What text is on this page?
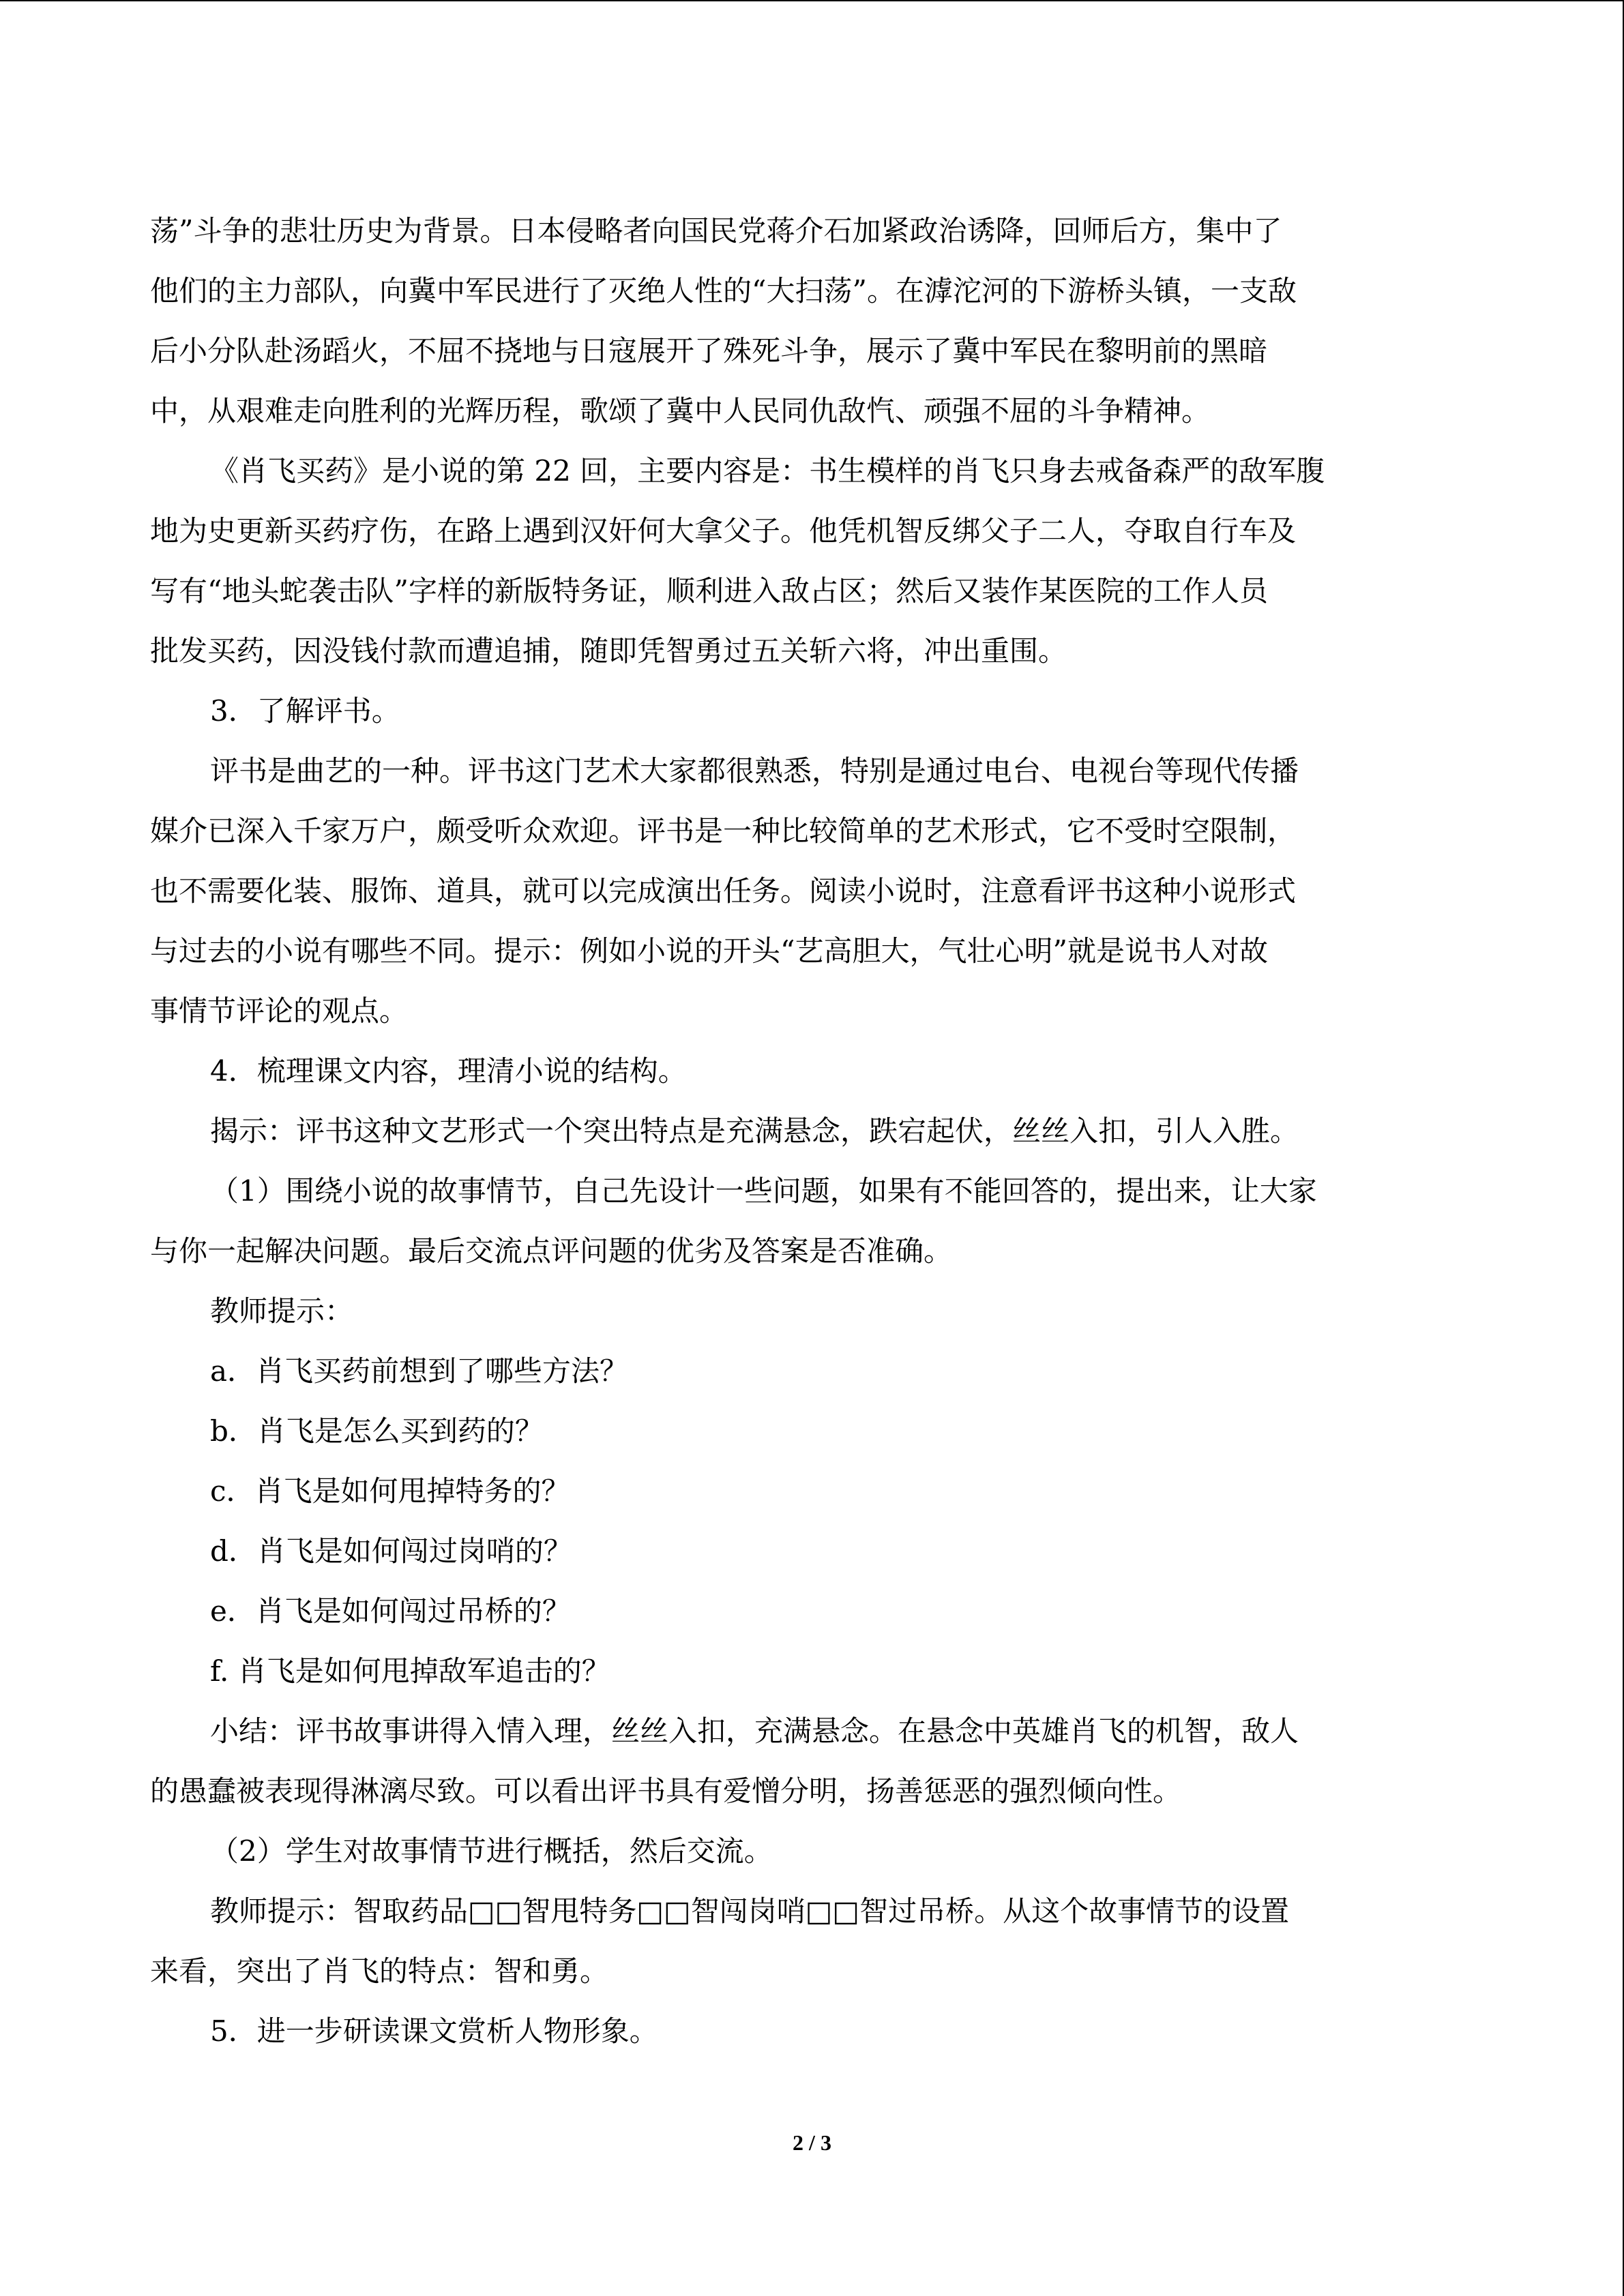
荡”斗争的悲壮历史为背景。日本侵略者向国民党蒋介石加紧政治诱降，回师后方，集中了

他们的主力部队，向冀中军民进行了灭绝人性的“大扫荡”。在滹沱河的下游桥头镇，一支敌

后小分队赴汤蹈火，不屈不挠地与日寇展开了殊死斗争，展示了冀中军民在黎明前的黑暗

中，从艰难走向胜利的光辉历程，歌颂了冀中人民同仇敌忾、顽强不屈的斗争精神。

《肖飞买药》是小说的第 22 回，主要内容是：书生模样的肖飞只身去戒备森严的敌军腹

地为史更新买药疗伤，在路上遇到汉奸何大拿父子。他凭机智反绑父子二人，夺取自行车及

写有“地头蛇袭击队”字样的新版特务证，顺利进入敌占区；然后又装作某医院的工作人员

批发买药，因没钱付款而遭追捕，随即凭智勇过五关斩六将，冲出重围。

3．了解评书。

评书是曲艺的一种。评书这门艺术大家都很熟悉，特别是通过电台、电视台等现代传播

媒介已深入千家万户，颇受听众欢迎。评书是一种比较简单的艺术形式，它不受时空限制，

也不需要化装、服饰、道具，就可以完成演出任务。阅读小说时，注意看评书这种小说形式

与过去的小说有哪些不同。提示：例如小说的开头“艺高胆大，气壮心明”就是说书人对故

事情节评论的观点。

4．梳理课文内容，理清小说的结构。

揭示：评书这种文艺形式一个突出特点是充满悬念，跌宕起伏，丝丝入扣，引人入胜。

（1）围绕小说的故事情节，自己先设计一些问题，如果有不能回答的，提出来，让大家

与你一起解决问题。最后交流点评问题的优劣及答案是否准确。

教师提示：

a．肖飞买药前想到了哪些方法？

b．肖飞是怎么买到药的？

c．肖飞是如何甩掉特务的？

d．肖飞是如何闯过岗哨的？

e．肖飞是如何闯过吊桥的？

f. 肖飞是如何甩掉敌军追击的？

小结：评书故事讲得入情入理，丝丝入扣，充满悬念。在悬念中英雄肖飞的机智，敌人

的愚蠢被表现得淋漓尽致。可以看出评书具有爱憎分明，扬善惩恶的强烈倾向性。

（2）学生对故事情节进行概括，然后交流。

教师提示：智取药品□□智甩特务□□智闯岗哨□□智过吊桥。从这个故事情节的设置

来看，突出了肖飞的特点：智和勇。

5．进一步研读课文赏析人物形象。

2 / 3
